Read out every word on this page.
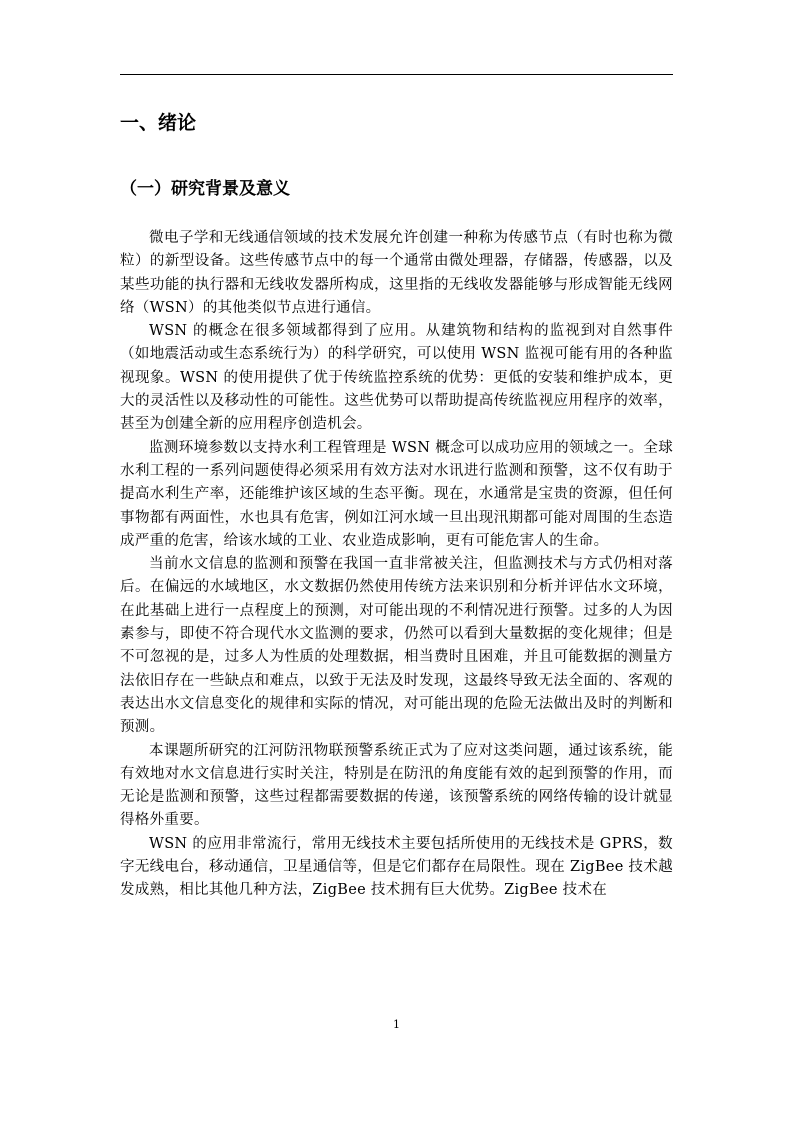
一、绪论
（一）研究背景及意义

微电子学和无线通信领域的技术发展允许创建一种称为传感节点（有时也称为微粒）的新型设备。这些传感节点中的每一个通常由微处理器，存储器，传感器，以及某些功能的执行器和无线收发器所构成，这里指的无线收发器能够与形成智能无线网络（WSN）的其他类似节点进行通信。

WSN 的概念在很多领域都得到了应用。从建筑物和结构的监视到对自然事件（如地震活动或生态系统行为）的科学研究，可以使用 WSN 监视可能有用的各种监视现象。WSN 的使用提供了优于传统监控系统的优势：更低的安装和维护成本，更大的灵活性以及移动性的可能性。这些优势可以帮助提高传统监视应用程序的效率，甚至为创建全新的应用程序创造机会。

监测环境参数以支持水利工程管理是 WSN 概念可以成功应用的领域之一。全球水利工程的一系列问题使得必须采用有效方法对水讯进行监测和预警，这不仅有助于提高水利生产率，还能维护该区域的生态平衡。现在，水通常是宝贵的资源，但任何事物都有两面性，水也具有危害，例如江河水域一旦出现汛期都可能对周围的生态造成严重的危害，给该水域的工业、农业造成影响，更有可能危害人的生命。

当前水文信息的监测和预警在我国一直非常被关注，但监测技术与方式仍相对落后。在偏远的水域地区，水文数据仍然使用传统方法来识别和分析并评估水文环境，在此基础上进行一点程度上的预测，对可能出现的不利情况进行预警。过多的人为因素参与，即使不符合现代水文监测的要求，仍然可以看到大量数据的变化规律；但是不可忽视的是，过多人为性质的处理数据，相当费时且困难，并且可能数据的测量方法依旧存在一些缺点和难点，以致于无法及时发现，这最终导致无法全面的、客观的表达出水文信息变化的规律和实际的情况，对可能出现的危险无法做出及时的判断和预测。

本课题所研究的江河防汛物联预警系统正式为了应对这类问题，通过该系统，能有效地对水文信息进行实时关注，特别是在防汛的角度能有效的起到预警的作用，而无论是监测和预警，这些过程都需要数据的传递，该预警系统的网络传输的设计就显得格外重要。

WSN 的应用非常流行，常用无线技术主要包括所使用的无线技术是 GPRS，数字无线电台，移动通信，卫星通信等，但是它们都存在局限性。现在 ZigBee 技术越发成熟，相比其他几种方法，ZigBee 技术拥有巨大优势。ZigBee 技术在

1
